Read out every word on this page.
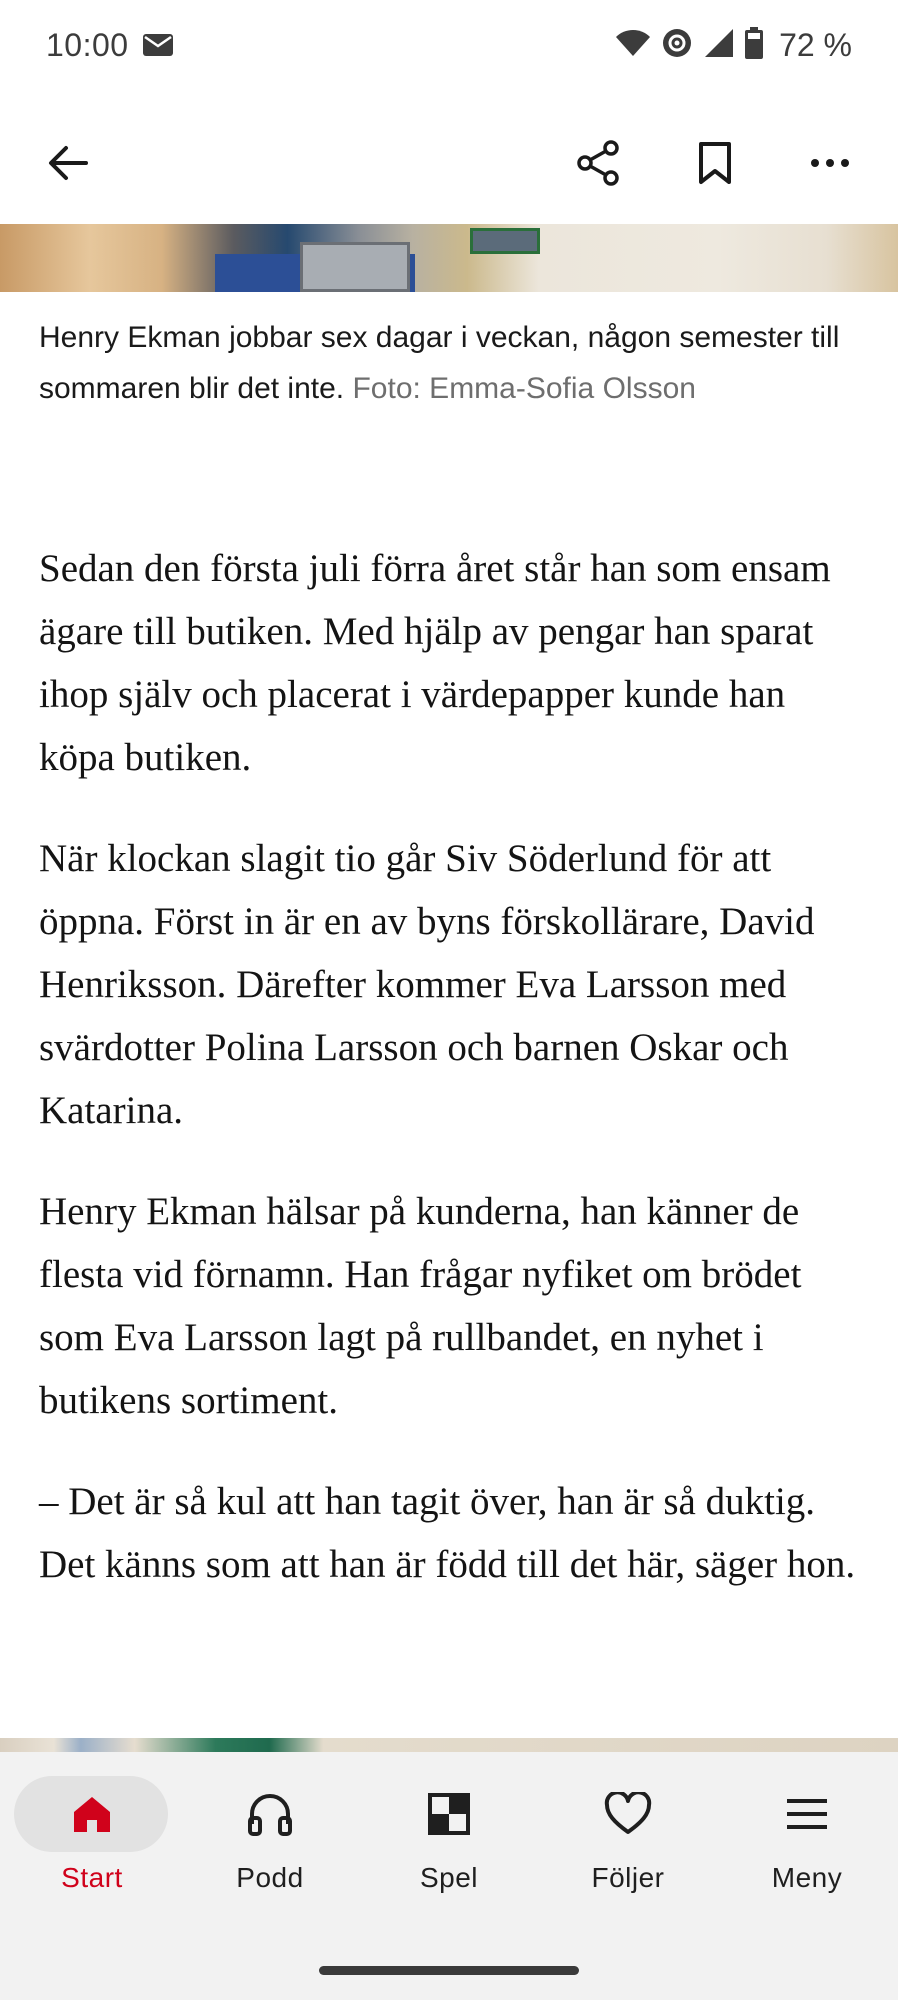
10:00	72 %
Henry Ekman jobbar sex dagar i veckan, någon semester till sommaren blir det inte. Foto: Emma-Sofia Olsson

Sedan den första juli förra året står han som ensam ägare till butiken. Med hjälp av pengar han sparat ihop själv och placerat i värdepapper kunde han köpa butiken.

När klockan slagit tio går Siv Söderlund för att öppna. Först in är en av byns förskollärare, David Henriksson. Därefter kommer Eva Larsson med svärdotter Polina Larsson och barnen Oskar och Katarina.

Henry Ekman hälsar på kunderna, han känner de flesta vid förnamn. Han frågar nyfiket om brödet som Eva Larsson lagt på rullbandet, en nyhet i butikens sortiment.

– Det är så kul att han tagit över, han är så duktig. Det känns som att han är född till det här, säger hon.

Start	Podd	Spel	Följer	Meny
